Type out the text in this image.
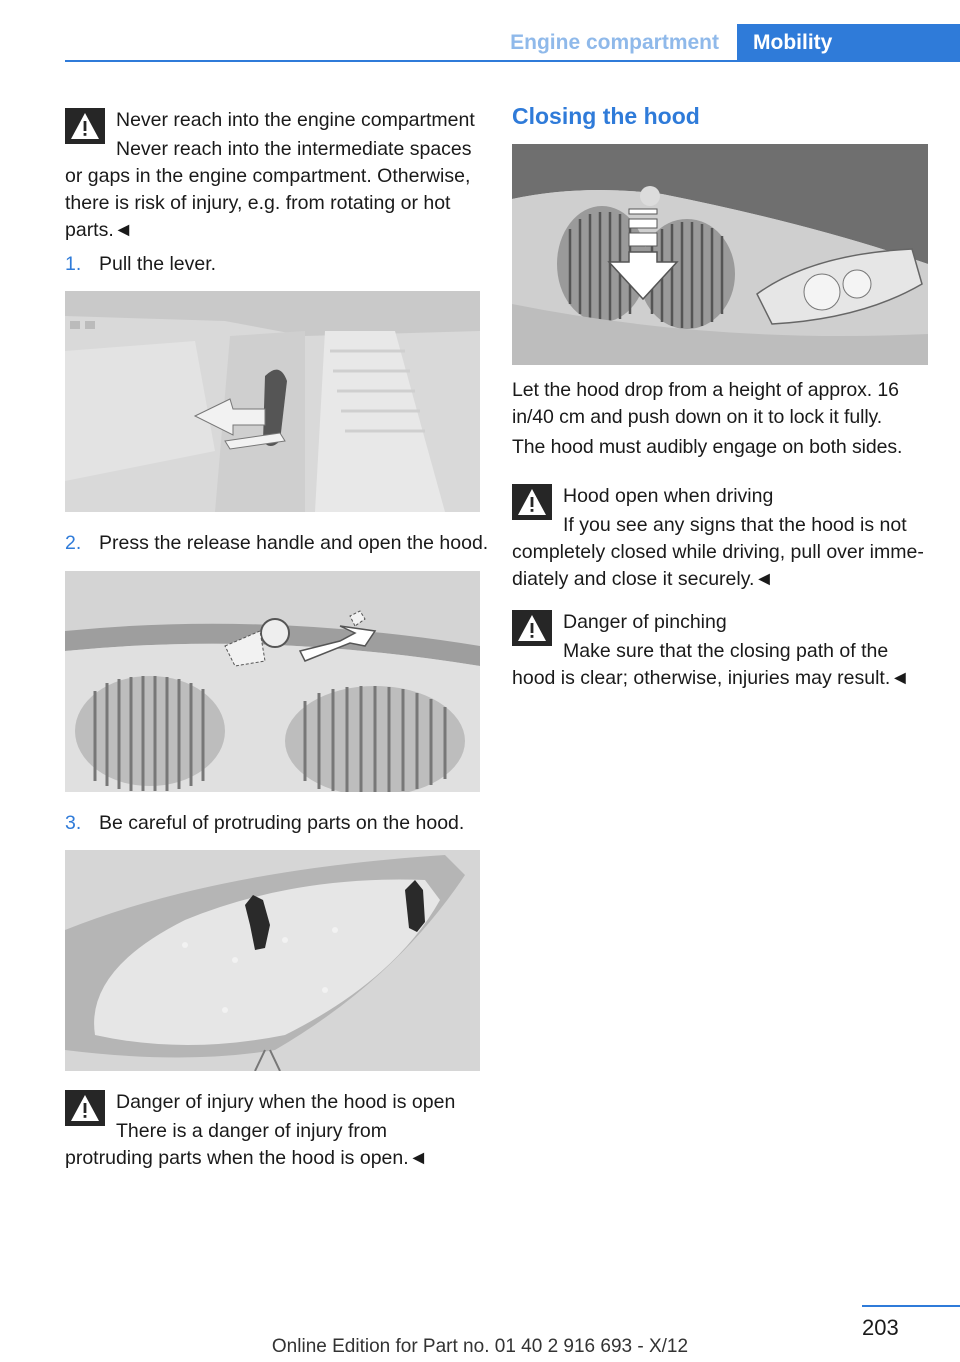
Engine compartment	Mobility
Never reach into the engine compartment
Never reach into the intermediate spaces or gaps in the engine compartment. Otherwise, there is risk of injury, e.g. from rotating or hot parts.◄
1. Pull the lever.
2. Press the release handle and open the hood.
3. Be careful of protruding parts on the hood.
Danger of injury when the hood is open
There is a danger of injury from protruding parts when the hood is open.◄
Closing the hood
Let the hood drop from a height of approx. 16 in/40 cm and push down on it to lock it fully.
The hood must audibly engage on both sides.
Hood open when driving
If you see any signs that the hood is not completely closed while driving, pull over imme‐diately and close it securely.◄
Danger of pinching
Make sure that the closing path of the hood is clear; otherwise, injuries may result.◄
203
Online Edition for Part no. 01 40 2 916 693 - X/12
